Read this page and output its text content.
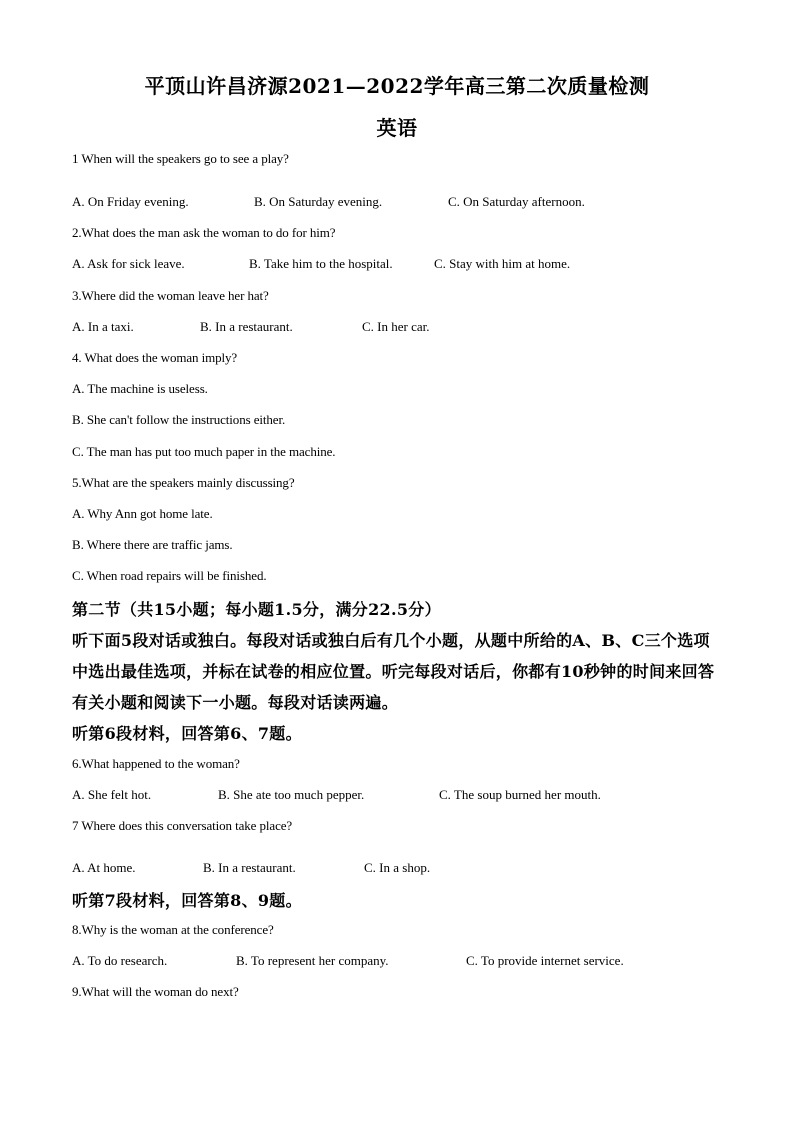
平顶山许昌济源2021—2022学年高三第二次质量检测
英语
1 When will the speakers go to see a play?
A. On Friday evening.	B. On Saturday evening.	C. On Saturday afternoon.
2.What does the man ask the woman to do for him?
A. Ask for sick leave.	B. Take him to the hospital.	C. Stay with him at home.
3.Where did the woman leave her hat?
A. In a taxi.	B. In a restaurant.	C. In her car.
4. What does the woman imply?
A. The machine is useless.
B. She can't follow the instructions either.
C. The man has put too much paper in the machine.
5.What are the speakers mainly discussing?
A. Why Ann got home late.
B. Where there are traffic jams.
C. When road repairs will be finished.
第二节（共15小题；每小题1.5分，满分22.5分）
听下面5段对话或独白。每段对话或独白后有几个小题，从题中所给的A、B、C三个选项
中选出最佳选项，并标在试卷的相应位置。听完每段对话后，你都有10秒钟的时间来回答
有关小题和阅读下一小题。每段对话读两遍。
听第6段材料，回答第6、7题。
6.What happened to the woman?
A. She felt hot.	B. She ate too much pepper.	C. The soup burned her mouth.
7 Where does this conversation take place?
A. At home.	B. In a restaurant.	C. In a shop.
听第7段材料，回答第8、9题。
8.Why is the woman at the conference?
A. To do research.	B. To represent her company.	C. To provide internet service.
9.What will the woman do next?
